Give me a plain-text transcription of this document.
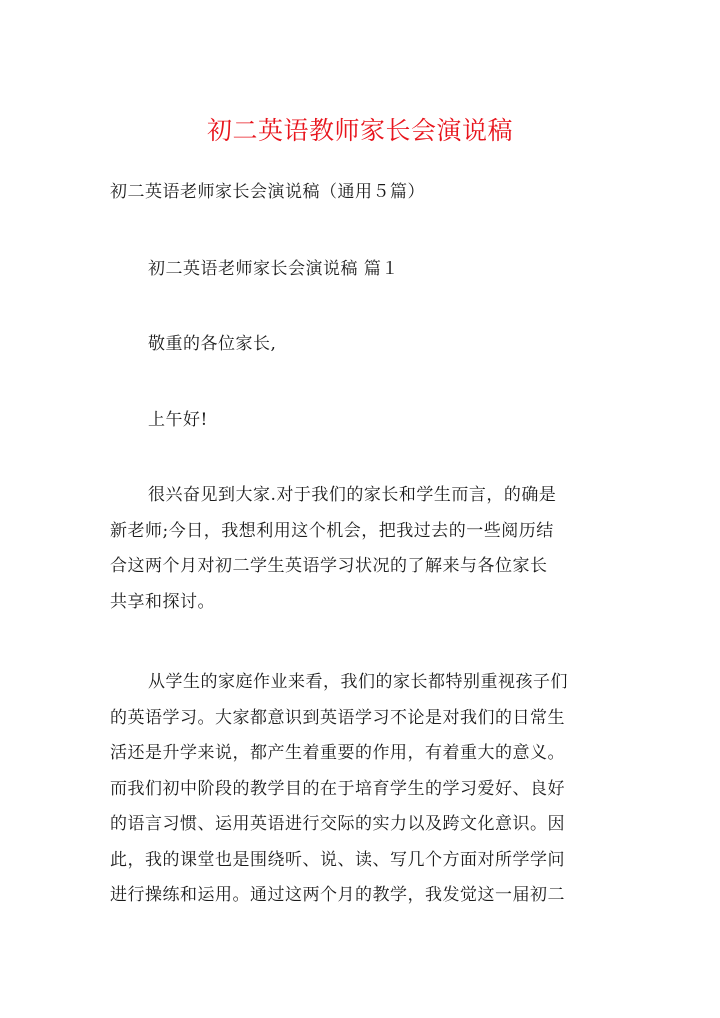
初二英语教师家长会演说稿
初二英语老师家长会演说稿（通用５篇）
初二英语老师家长会演说稿 篇１
敬重的各位家长,
上午好!
很兴奋见到大家.对于我们的家长和学生而言，的确是
新老师;今日，我想利用这个机会，把我过去的一些阅历结
合这两个月对初二学生英语学习状况的了解来与各位家长
共享和探讨。
从学生的家庭作业来看，我们的家长都特别重视孩子们
的英语学习。大家都意识到英语学习不论是对我们的日常生
活还是升学来说，都产生着重要的作用，有着重大的意义。
而我们初中阶段的教学目的在于培育学生的学习爱好、良好
的语言习惯、运用英语进行交际的实力以及跨文化意识。因
此，我的课堂也是围绕听、说、读、写几个方面对所学学问
进行操练和运用。通过这两个月的教学，我发觉这一届初二
